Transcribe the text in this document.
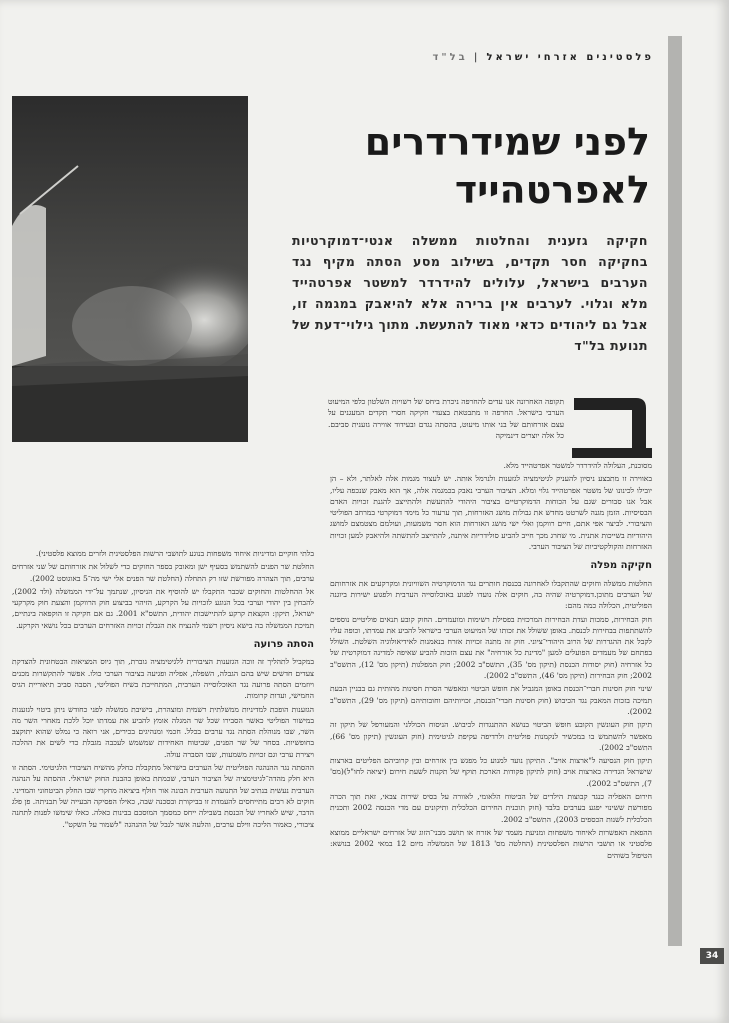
34
פלסטינים אזרחי ישראל
|
בל"ד
לפני שמידרדרים לאפרטהייד
חקיקה גזענית והחלטות ממשלה אנטי־דמוקרטיות בחקיקה חסר תקדים, בשילוב מסע הסתה מקיף נגד הערבים בישראל, עלולים להידרדר למשטר אפרטהייד מלא וגלוי. לערבים אין ברירה אלא להיאבק במגמה זו, אבל גם ליהודים כדאי מאוד להתעשת. מתוך גילוי־דעת של תנועת בל"ד

תקופה האחרונה אנו עדים להחרפה ניכרת ביחס של רשויות השלטון כלפי המיעוט הערבי בישראל. החרפה זו מתבטאת בצעדי חקיקה חסרי תקדים המעגנים על עצם אזרחותם של בני אותו מיעוט, בהסתה נגדם ובעידוד אווירה גזענית סביבם. כל אלה יוצרים דינמיקה

מסוכנת, העלולה להידרדר למשטר אפרטהייד מלא.

באווירה זו מתבצע ניסיון להעניק לגיטימציה לגזענות ולנרמל אותה. יש לעצור מגמות אלה לאלתר, ולא – הן יובילו לכינונו של משטר אפרטהייד גלוי ומלא. הציבור הערבי נאבק בכמגמה אלה, אך הוא מאבק שנכפה עליו, אבל אנו סבורים שגם על הכוחות הדמוקרטיים בציבור היהודי להתעשת ולהתייצב להגנת זכויות האדם הבסיסיות. הזמן מגנה לשרטט מחדש את גבולות מושג האזרחות, תוך ערעור כל מימד דמוקרטי במרחב הפוליטי והציבורי. לביצר אפי אתם, חיים רווקמן ואלי ישי מושג האזרחות הוא חסר משמעות, ועולמם מצטמצם למושג היהודיות בשייכות אתנית. מי שחרג מכך חייב להביע סולידריות איתנה, להתייצב להתשתה ולהיאבק למען זכויות האזרחות והקולקטיביות של הציבור הערבי.

חקיקה מפלה

החלטות ממשלה וחוקים שהתקבלו לאחרונה בכנסת חותרים נגד הדמוקרטיה השוויונית ומקרקעים את אזרחותם של הערבים מתוכן.דמוקרטיה שהיה בה, חוקים אלה נועדו לפגוע באוכלוסייה הערבית ולפגוע ישירות ביוגנה הפוליטית, הכלולה כמה מהם:

חוק הבחירות, סמכות ועדת הבחירות המרכזית בפסילת רשימות ומועמדים. החוק קובע תנאים פוליטיים נוספים להשתתפות בבחירות לכנסת. באופן ששולל את זכותו של המיעוט הערבי בישראל להביע את עמדתו, וכופה עליו לקבל את ההגדרות של הרוב היהודי־ציוני. חוק זה מתנה זכויות אזרח בנאמנות לאידיאולוגיה השלטת. השולל בפתחם של מעמדים הפועלים למען "מדינת כל אזרחיה" את עצם הזכות להביע שאיפה למדינה דמוקרטית של כל אזרחיה (חוק יסודות הכנסת (תיקון מס' 35), התשס"ב 2002; חוק המפלגות (תיקון מס' 12), התשס"ב 2002; חוק הבחירות (תיקון מס' 46), התשס"ב 2002).

שינוי חוק חסינות חברי־הכנסת באופן המגביל את חופש הביטוי ומאפשר הסרת חסינות מהותית גם בבניין הבעת תמיכה בזכות המאבק נגד הכיבוש (חוק חסינות חברי־הכנסת, זכויותיהם וחובותיהם (תיקון מס' 29), התשס"ב 2002).

תיקון חוק העונשין הקובע חופש הביטוי בנושא ההתנגדות לכיבוש. הניסוח הכוללני והמעורפל של תיקון זה מאפשר להשתמש בו במכשיר לנקמנות פוליטית ולרדיפה עקיפת לגיטימית (חוק העונשין (תיקון מס' 66), התשס"ב 2002).

תיקון חוק הנסיעה ל"ארצות אויב". התיקון נועד למנוע כל מפגש בין אזרחים ובין קרוביהם הפליטים בארצות שישראל הגדירה כארצות אויב (חוק לתיקון פקודות הארכת תוקף של תקנות לשעת חירום (יציאה לחו"ל)(מס' 7), התשס"ב 2002).

חירום האפליה כנגד קבוצות הילדים של הביטוח הלאומי, לאוורה על בסיס שירות צבאי, זאת תוך הכרה מפורשת ששינוי יפגע בערבים בלבד (חוק תוכנית החירום הכלכלית ותיקונים עם מדי הכנסה 2002 ותכנית הכלכלית לשנות הכספים 2003), התשס"ב 2002.

ההפאת האפשרות לאיחוד משפחות ומניעת מעמד של אזרח או תושב מבני־הזוג של אזרחים ישראליים ממוצא פלסטיני או תושבי הרשות הפלסטינית (החלטה מס' 1813 של הממשלה מיום 12 במאי 2002 בנושא: הטיפול בשוהים

בלתי חוקיים ומדיניות איחוד משפחות בנוגע לתושבי הרשות הפלסטינית ולזרים ממוצא פלסטיני).

החלטת שר הפנים להשתמש בסעיף ישן ומאובק בספר החוקים כדי לשלול את אזרחותם של שני אזרחים ערבים, תוך הצהרה מפורשת שזו רק התחלה (החלטת שר הפנים אלי ישי מה־5 באוגוסט 2002).

אל ההחלטות והחוקים שכבר התקבלו יש להוסיף את הניסיון, שנתמך על־ידי הממשלה (ולד 2002), להבחין בין יהודי וערבי בכל הנוגע לזכויות על הקרקע, הזיהוי בביצוע חוק הרווקמן והצעת חוק מקרקעי ישראל, תיקון: הקצאת קרקע להתיישבות יהודית, התשס"א 2001. גם אם חקיקה זו הוקפאה בינתיים, תמיכת הממשלה בה בישא ניסיון רשמי להנציח את הגבלת זכויות האזרחים הערבים בכל נושאי הקרקע.

הסתה פרועה

במקביל לתהליך זה זוכה הגזענות הציבורית ללגיטימציה גוברת, תוך גיוס המציאות הבטחונית להצדקת צעדים חדשים שיש בהם הגבלה, השפלה, אפליה ופגיעה בציבור הערבי כולו. אפשר להתקשרות מכנים ויוזמים הסתה פרועה נגד האוכלוסייה הערבית, המתחייבת בשיח הפוליטי, הסבה סביב תיאוריית הגיס החמישי, ועדות קרומות.

הגזענות הופכת למדיניות ממשלתית רשמית ומוצהרת, בישיבת ממשלה לפני כחודש ניתן ביטוי לגזענות במישור הפוליטי כאשר הסבירו שכל שר המגלה אומץ להביע את עמדתו יוכל ללכת מאחרי השר מה השר, שבו מנוהלת הסתה נגד ערבים בכלל. חכמי ומנהיגים בכירים, אני רואה כי נמלט שהוא יתוקצב בחופשיות. בסחר של שר הפנים, שביטוח האחידות שמשמש לעכבה מגבלת כדי לשים את ההלכה ויצירת ערבי וגם זכויות משמעות, שבו הסברה עולה.

ההסתה נגד ההנהגה הפוליטית של הערבים בישראל מתקבלת כחלק מהשיח הציבורי הלגיטימי. הסתה זו היא חלק מהדה־לגיטימציה של הציבור הערבי, שכמתת באופן כהבנת החוק ישראלי. ההסתה על הנהגה הערבית נעשית בנתיב של התנועה הערבית הבונה אור חולף ביציאה מחקרי שבו החלק הביטחוני והמדיני. חוקים לא רבים מתייחסים להעמדת זו בביקורת ובסכנה שבה, כאילו הפסיקה הבעייה של תבניתה. פן פלג הדבר, שיש לאחריו של הכנסת בשבילה ייחס כמסמך המוסכם בבינות כאלה. כאלו שימשו לפנות לתחנה ציבורי, כאמור הליכה ווילם ערבים, והלעה אשר לנבל של ההנהגה "לשמור על השקט".
